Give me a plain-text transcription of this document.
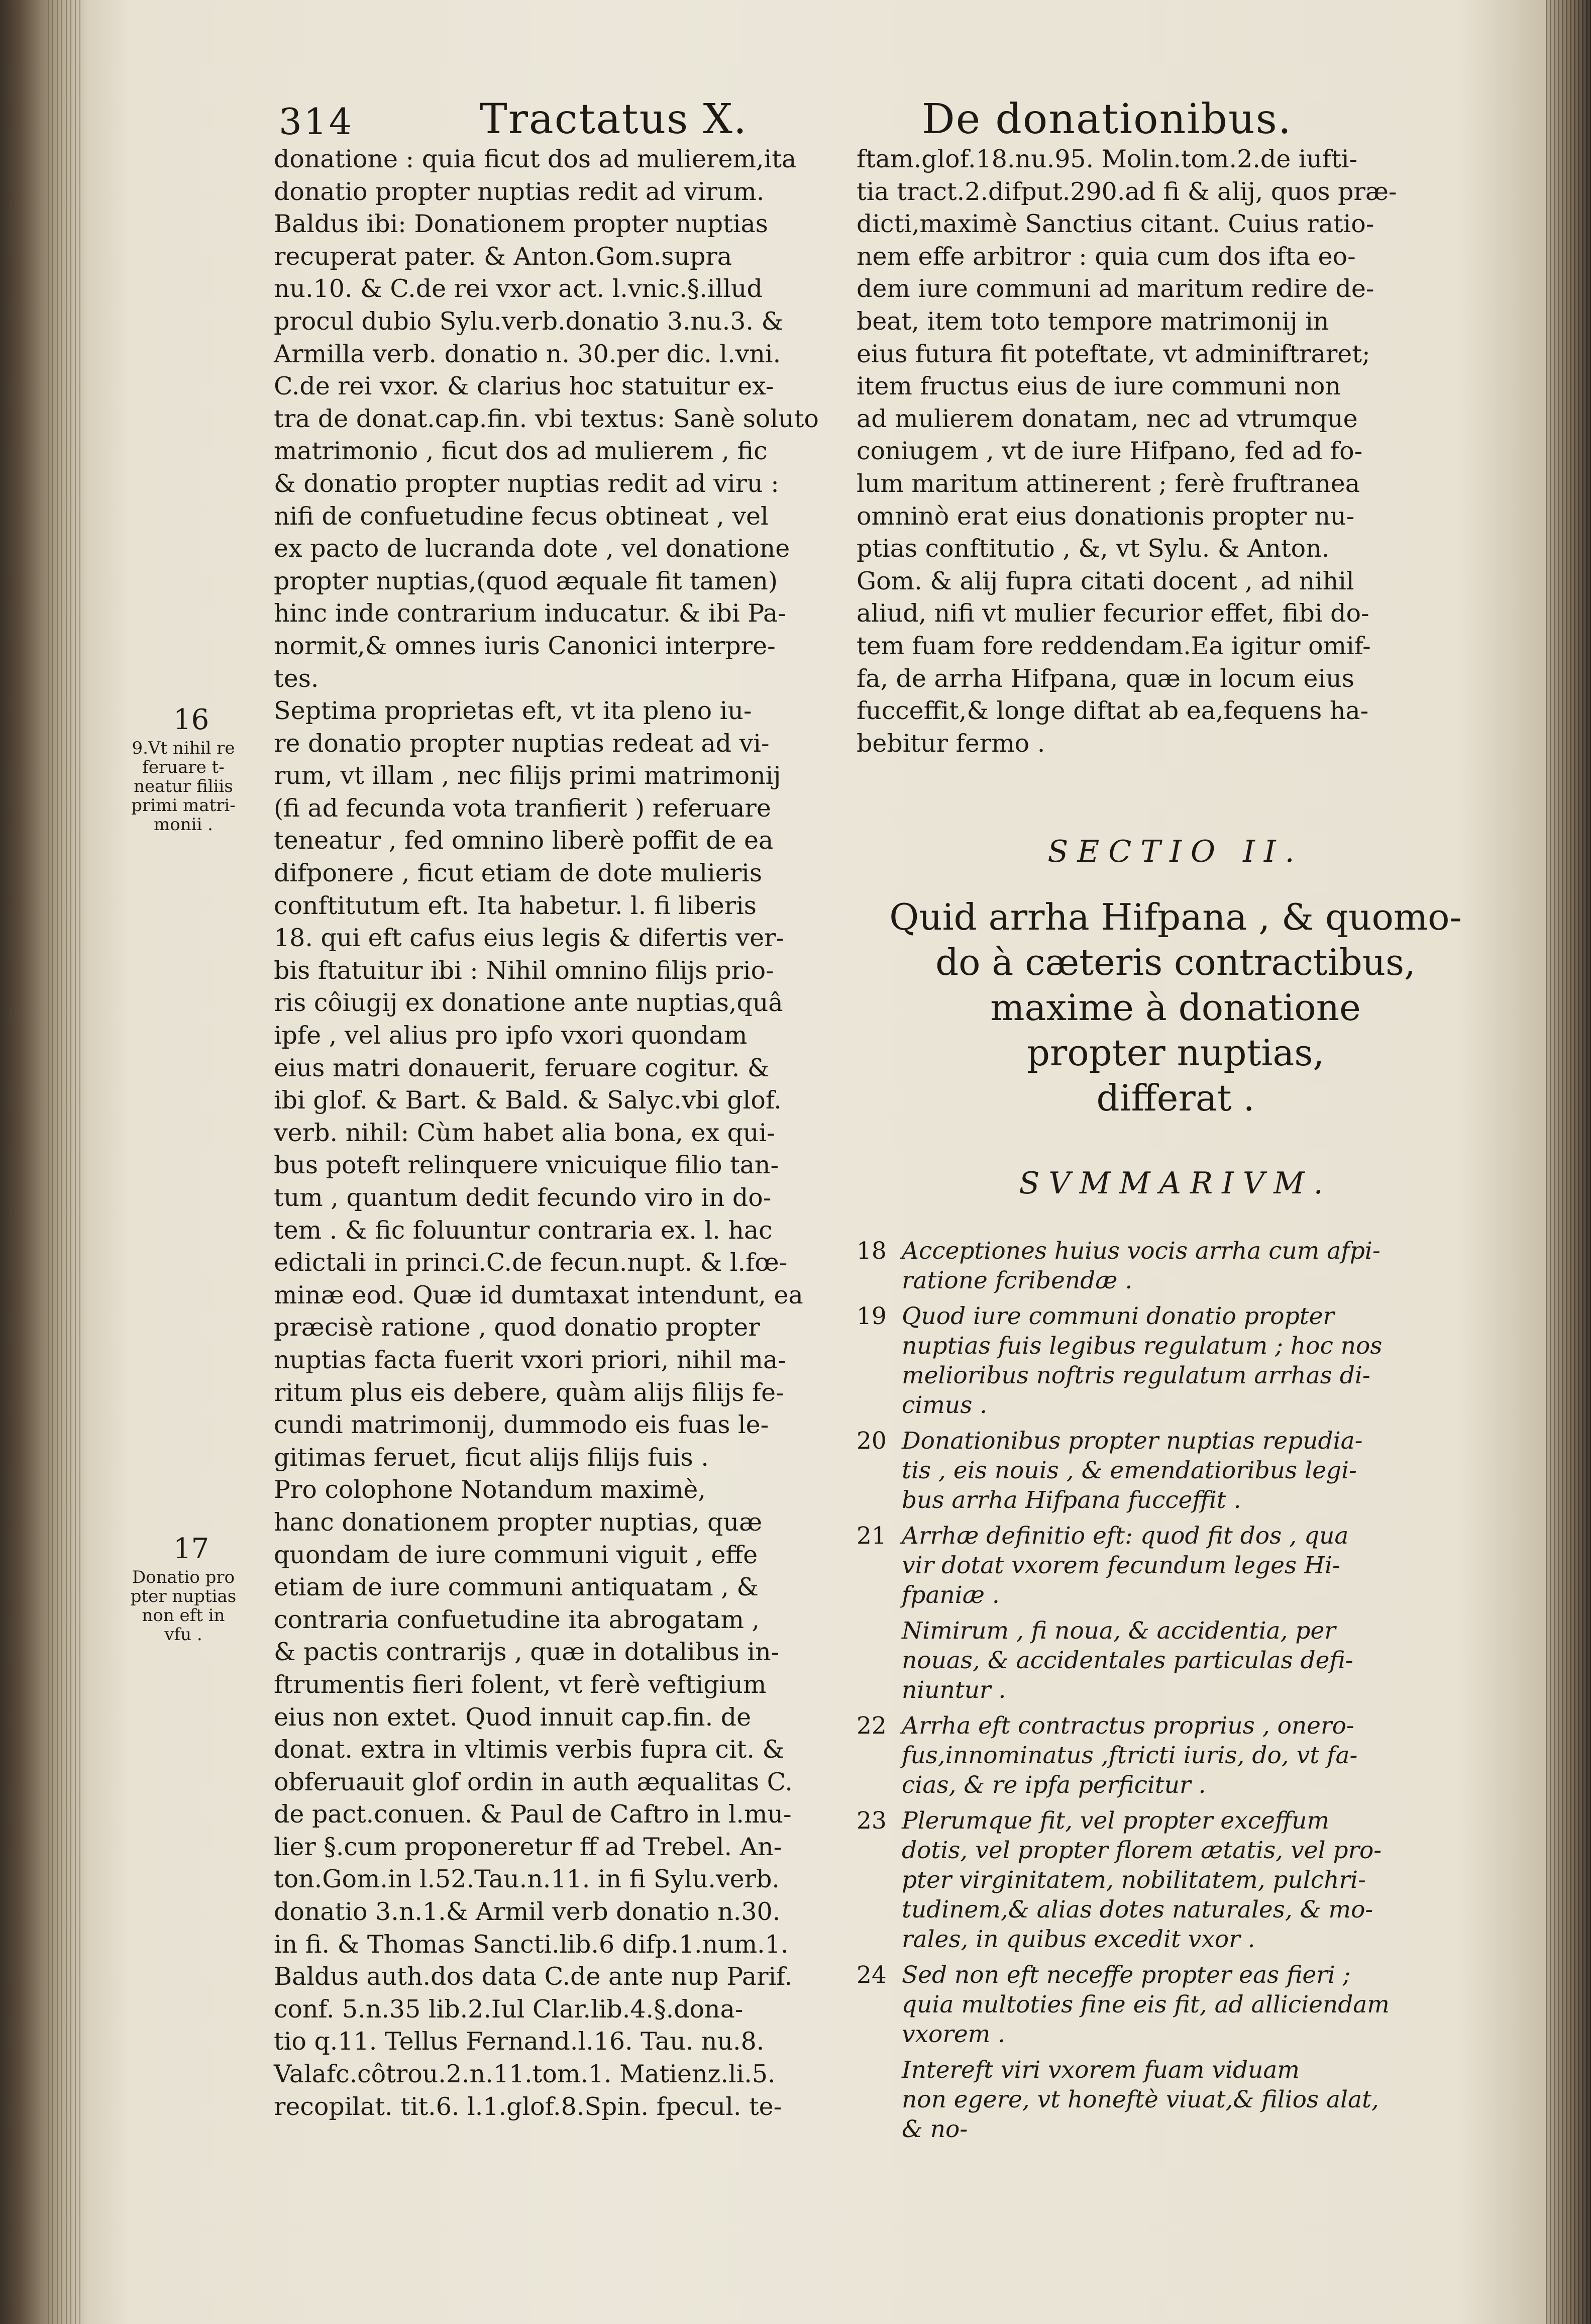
314	Tractatus X.	De donationibus.

donatione : quia ficut dos ad mulierem,ita

donatio propter nuptias redit ad virum.

Baldus ibi: Donationem propter nuptias

recuperat pater. & Anton.Gom.supra

nu.10. & C.de rei vxor act. l.vnic.§.illud

procul dubio Sylu.verb.donatio 3.nu.3. &

Armilla verb. donatio n. 30.per dic. l.vni.

C.de rei vxor. & clarius hoc statuitur ex-

tra de donat.cap.fin. vbi textus: Sanè soluto

matrimonio , ficut dos ad mulierem , fic

& donatio propter nuptias redit ad viru :

nifi de confuetudine fecus obtineat , vel

ex pacto de lucranda dote , vel donatione

propter nuptias,(quod æquale fit tamen)

hinc inde contrarium inducatur. & ibi Pa-

normit,& omnes iuris Canonici interpre-

tes.

Septima proprietas eft, vt ita pleno iu-

re donatio propter nuptias redeat ad vi-

rum, vt illam , nec filijs primi matrimonij

(fi ad fecunda vota tranfierit ) referuare

teneatur , fed omnino liberè poffit de ea

difponere , ficut etiam de dote mulieris

conftitutum eft. Ita habetur. l. fi liberis

18. qui eft cafus eius legis & difertis ver-

bis ftatuitur ibi : Nihil omnino filijs prio-

ris côiugij ex donatione ante nuptias,quâ

ipfe , vel alius pro ipfo vxori quondam

eius matri donauerit, feruare cogitur. &

ibi glof. & Bart. & Bald. & Salyc.vbi glof.

verb. nihil: Cùm habet alia bona, ex qui-

bus poteft relinquere vnicuique filio tan-

tum , quantum dedit fecundo viro in do-

tem . & fic foluuntur contraria ex. l. hac

edictali in princi.C.de fecun.nupt. & l.fœ-

minæ eod. Quæ id dumtaxat intendunt, ea

præcisè ratione , quod donatio propter

nuptias facta fuerit vxori priori, nihil ma-

ritum plus eis debere, quàm alijs filijs fe-

cundi matrimonij, dummodo eis fuas le-

gitimas feruet, ficut alijs filijs fuis .

Pro colophone Notandum maximè,

hanc donationem propter nuptias, quæ

quondam de iure communi viguit , effe

etiam de iure communi antiquatam , &

contraria confuetudine ita abrogatam ,

& pactis contrarijs , quæ in dotalibus in-

ftrumentis fieri folent, vt ferè veftigium

eius non extet. Quod innuit cap.fin. de

donat. extra in vltimis verbis fupra cit. &

obferuauit glof ordin in auth æqualitas C.

de pact.conuen. & Paul de Caftro in l.mu-

lier §.cum proponeretur ff ad Trebel. An-

ton.Gom.in l.52.Tau.n.11. in fi Sylu.verb.

donatio 3.n.1.& Armil verb donatio n.30.

in fi. & Thomas Sancti.lib.6 difp.1.num.1.

Baldus auth.dos data C.de ante nup Parif.

conf. 5.n.35 lib.2.Iul Clar.lib.4.§.dona-

tio q.11. Tellus Fernand.l.16. Tau. nu.8.

Valafc.côtrou.2.n.11.tom.1. Matienz.li.5.

recopilat. tit.6. l.1.glof.8.Spin. fpecul. te-

ftam.glof.18.nu.95. Molin.tom.2.de iufti-

tia tract.2.difput.290.ad fi & alij, quos præ-

dicti,maximè Sanctius citant. Cuius ratio-

nem effe arbitror : quia cum dos ifta eo-

dem iure communi ad maritum redire de-

beat, item toto tempore matrimonij in

eius futura fit poteftate, vt adminiftraret;

item fructus eius de iure communi non

ad mulierem donatam, nec ad vtrumque

coniugem , vt de iure Hifpano, fed ad fo-

lum maritum attinerent ; ferè fruftranea

omninò erat eius donationis propter nu-

ptias conftitutio , &, vt Sylu. & Anton.

Gom. & alij fupra citati docent , ad nihil

aliud, nifi vt mulier fecurior effet, fibi do-

tem fuam fore reddendam.Ea igitur omif-

fa, de arrha Hifpana, quæ in locum eius

fucceffit,& longe diftat ab ea,fequens ha-

bebitur fermo .

16
9.Vt nihil re
feruare t-
neatur filiis
primi matri-
monii .
17
Donatio pro
pter nuptias
non eft in
vfu .
SECTIO II.

Quid arrha Hifpana , & quomo-

do à cæteris contractibus,

maxime à donatione

propter nuptias,

differat .

SVMMARIVM.
18 Acceptiones huius vocis arrha cum afpi-
ratione fcribendæ .
19 Quod iure communi donatio propter
nuptias fuis legibus regulatum ; hoc nos
melioribus noftris regulatum arrhas di-
cimus .
20 Donationibus propter nuptias repudia-
tis , eis nouis , & emendatioribus legi-
bus arrha Hifpana fucceffit .
21 Arrhæ definitio eft: quod fit dos , qua
vir dotat vxorem fecundum leges Hi-
fpaniæ .
Nimirum , fi noua, & accidentia, per
nouas, & accidentales particulas defi-
niuntur .
22 Arrha eft contractus proprius , onero-
fus,innominatus ,ftricti iuris, do, vt fa-
cias, & re ipfa perficitur .
23 Plerumque fit, vel propter exceffum
dotis, vel propter florem ætatis, vel pro-
pter virginitatem, nobilitatem, pulchri-
tudinem,& alias dotes naturales, & mo-
rales, in quibus excedit vxor .
24 Sed non eft neceffe propter eas fieri ;
quia multoties fine eis fit, ad alliciendam
vxorem .
Intereft viri vxorem fuam viduam
non egere, vt honeftè viuat,& filios alat,
& no-
